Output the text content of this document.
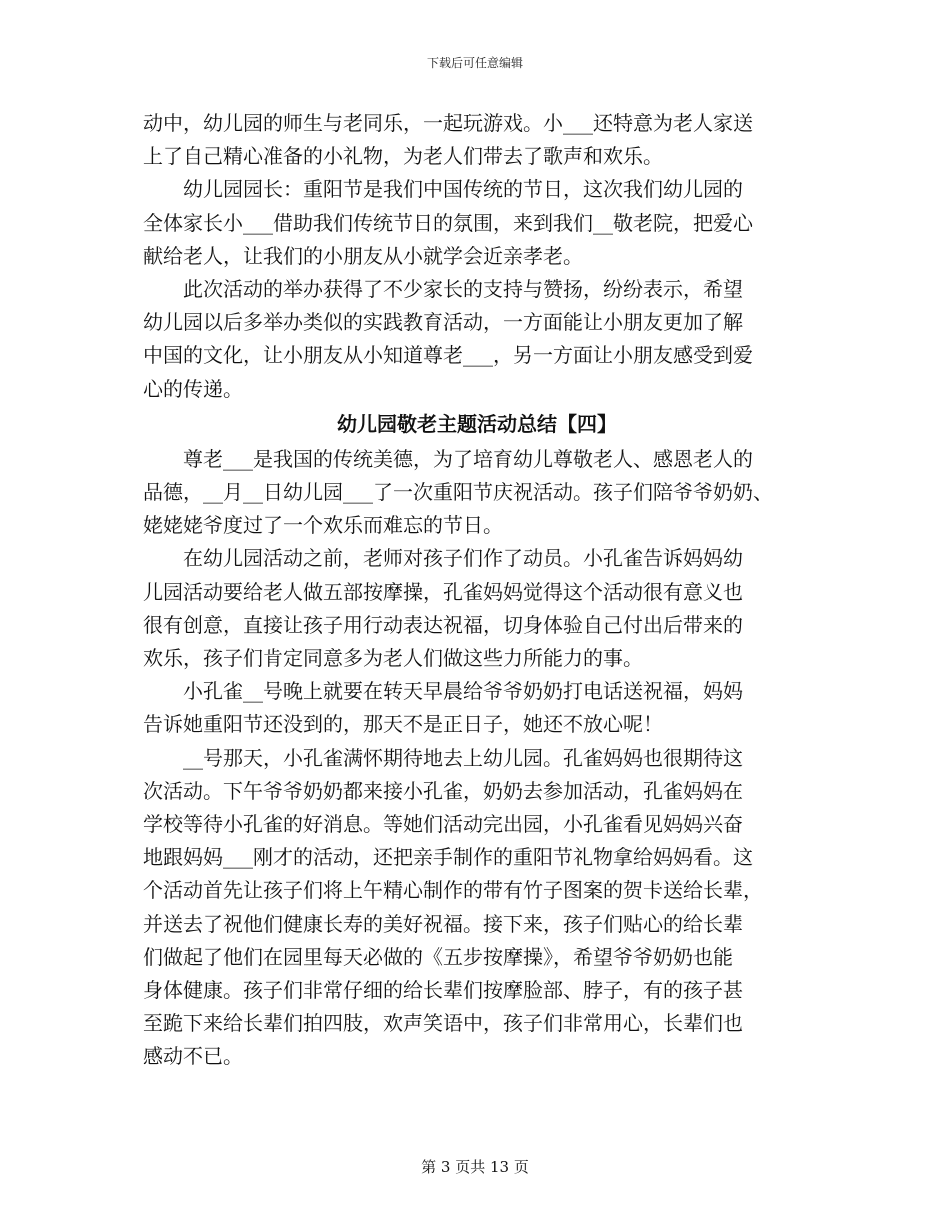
下载后可任意编辑
动中，幼儿园的师生与老同乐，一起玩游戏。小___还特意为老人家送
上了自己精心准备的小礼物，为老人们带去了歌声和欢乐。
　　幼儿园园长：重阳节是我们中国传统的节日，这次我们幼儿园的
全体家长小___借助我们传统节日的氛围，来到我们__敬老院，把爱心
献给老人，让我们的小朋友从小就学会近亲孝老。
　　此次活动的举办获得了不少家长的支持与赞扬，纷纷表示，希望
幼儿园以后多举办类似的实践教育活动，一方面能让小朋友更加了解
中国的文化，让小朋友从小知道尊老___，另一方面让小朋友感受到爱
心的传递。
幼儿园敬老主题活动总结【四】
　　尊老___是我国的传统美德，为了培育幼儿尊敬老人、感恩老人的
品德，__月__日幼儿园___了一次重阳节庆祝活动。孩子们陪爷爷奶奶、
姥姥姥爷度过了一个欢乐而难忘的节日。
　　在幼儿园活动之前，老师对孩子们作了动员。小孔雀告诉妈妈幼
儿园活动要给老人做五部按摩操，孔雀妈妈觉得这个活动很有意义也
很有创意，直接让孩子用行动表达祝福，切身体验自己付出后带来的
欢乐，孩子们肯定同意多为老人们做这些力所能力的事。
　　小孔雀__号晚上就要在转天早晨给爷爷奶奶打电话送祝福，妈妈
告诉她重阳节还没到的，那天不是正日子，她还不放心呢！
　　__号那天，小孔雀满怀期待地去上幼儿园。孔雀妈妈也很期待这
次活动。下午爷爷奶奶都来接小孔雀，奶奶去参加活动，孔雀妈妈在
学校等待小孔雀的好消息。等她们活动完出园，小孔雀看见妈妈兴奋
地跟妈妈___刚才的活动，还把亲手制作的重阳节礼物拿给妈妈看。这
个活动首先让孩子们将上午精心制作的带有竹子图案的贺卡送给长辈，
并送去了祝他们健康长寿的美好祝福。接下来，孩子们贴心的给长辈
们做起了他们在园里每天必做的《五步按摩操》，希望爷爷奶奶也能
身体健康。孩子们非常仔细的给长辈们按摩脸部、脖子，有的孩子甚
至跪下来给长辈们拍四肢，欢声笑语中，孩子们非常用心，长辈们也
感动不已。
第 3 页共 13 页
